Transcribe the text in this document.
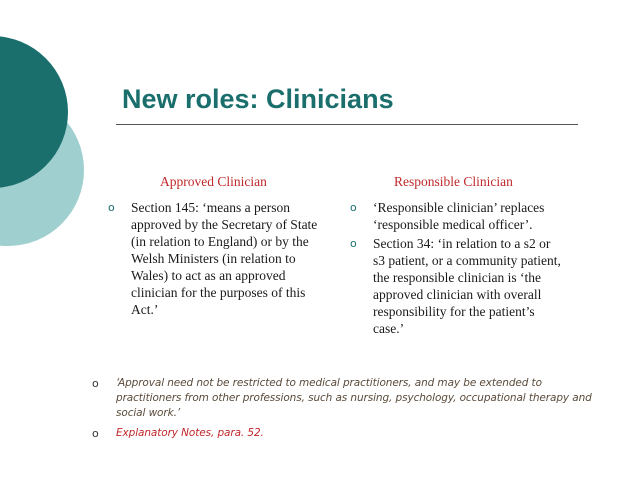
New roles: Clinicians
Approved Clinician	Responsible Clinician
o Section 145: ‘means a person approved by the Secretary of State (in relation to England) or by the Welsh Ministers (in relation to Wales) to act as an approved clinician for the purposes of this Act.’
o ‘Responsible clinician’ replaces ‘responsible medical officer’.
o Section 34: ‘in relation to a s2 or s3 patient, or a community patient, the responsible clinician is ‘the approved clinician with overall responsibility for the patient’s case.’
o ‘Approval need not be restricted to medical practitioners, and may be extended to practitioners from other professions, such as nursing, psychology, occupational therapy and social work.’
o Explanatory Notes, para. 52.
